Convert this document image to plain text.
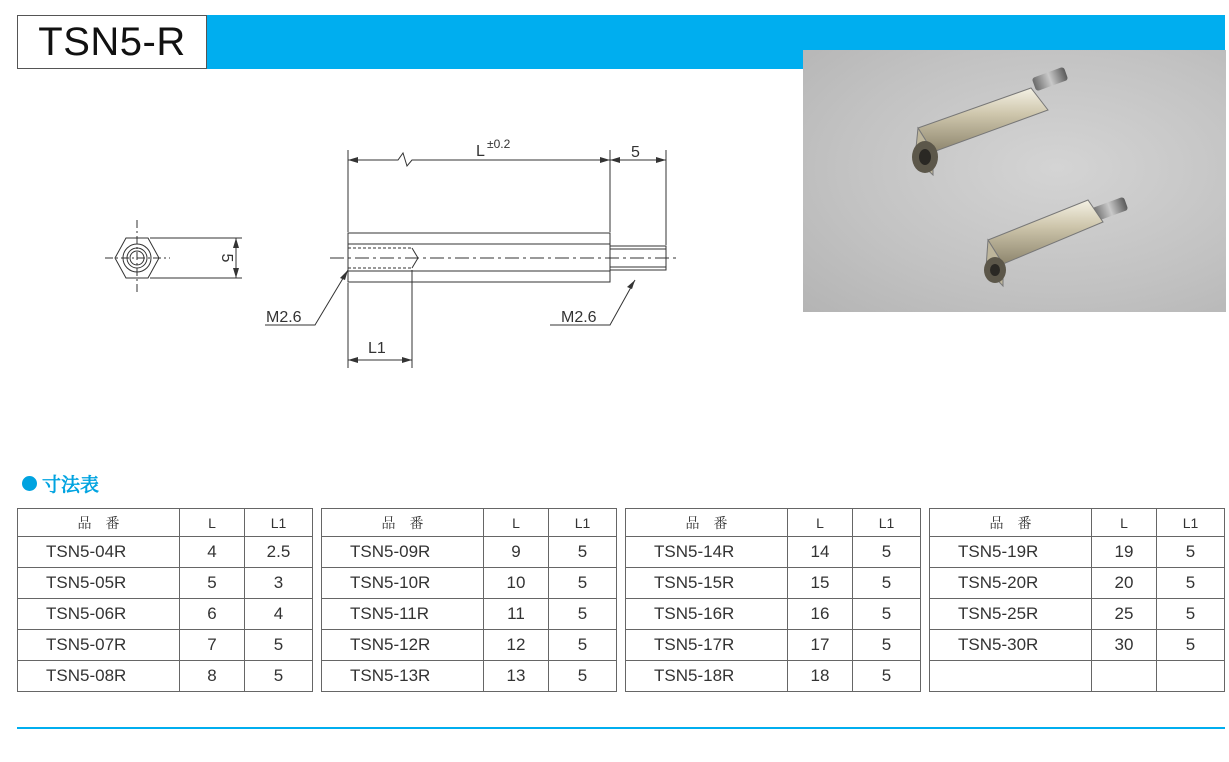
TSN5-R
L ±0.2	5
5
M2.6	M2.6
L1
寸法表
品　番	L	L1
TSN5-04R	4	2.5
TSN5-05R	5	3
TSN5-06R	6	4
TSN5-07R	7	5
TSN5-08R	8	5
品　番	L	L1
TSN5-09R	9	5
TSN5-10R	10	5
TSN5-11R	11	5
TSN5-12R	12	5
TSN5-13R	13	5
品　番	L	L1
TSN5-14R	14	5
TSN5-15R	15	5
TSN5-16R	16	5
TSN5-17R	17	5
TSN5-18R	18	5
品　番	L	L1
TSN5-19R	19	5
TSN5-20R	20	5
TSN5-25R	25	5
TSN5-30R	30	5
